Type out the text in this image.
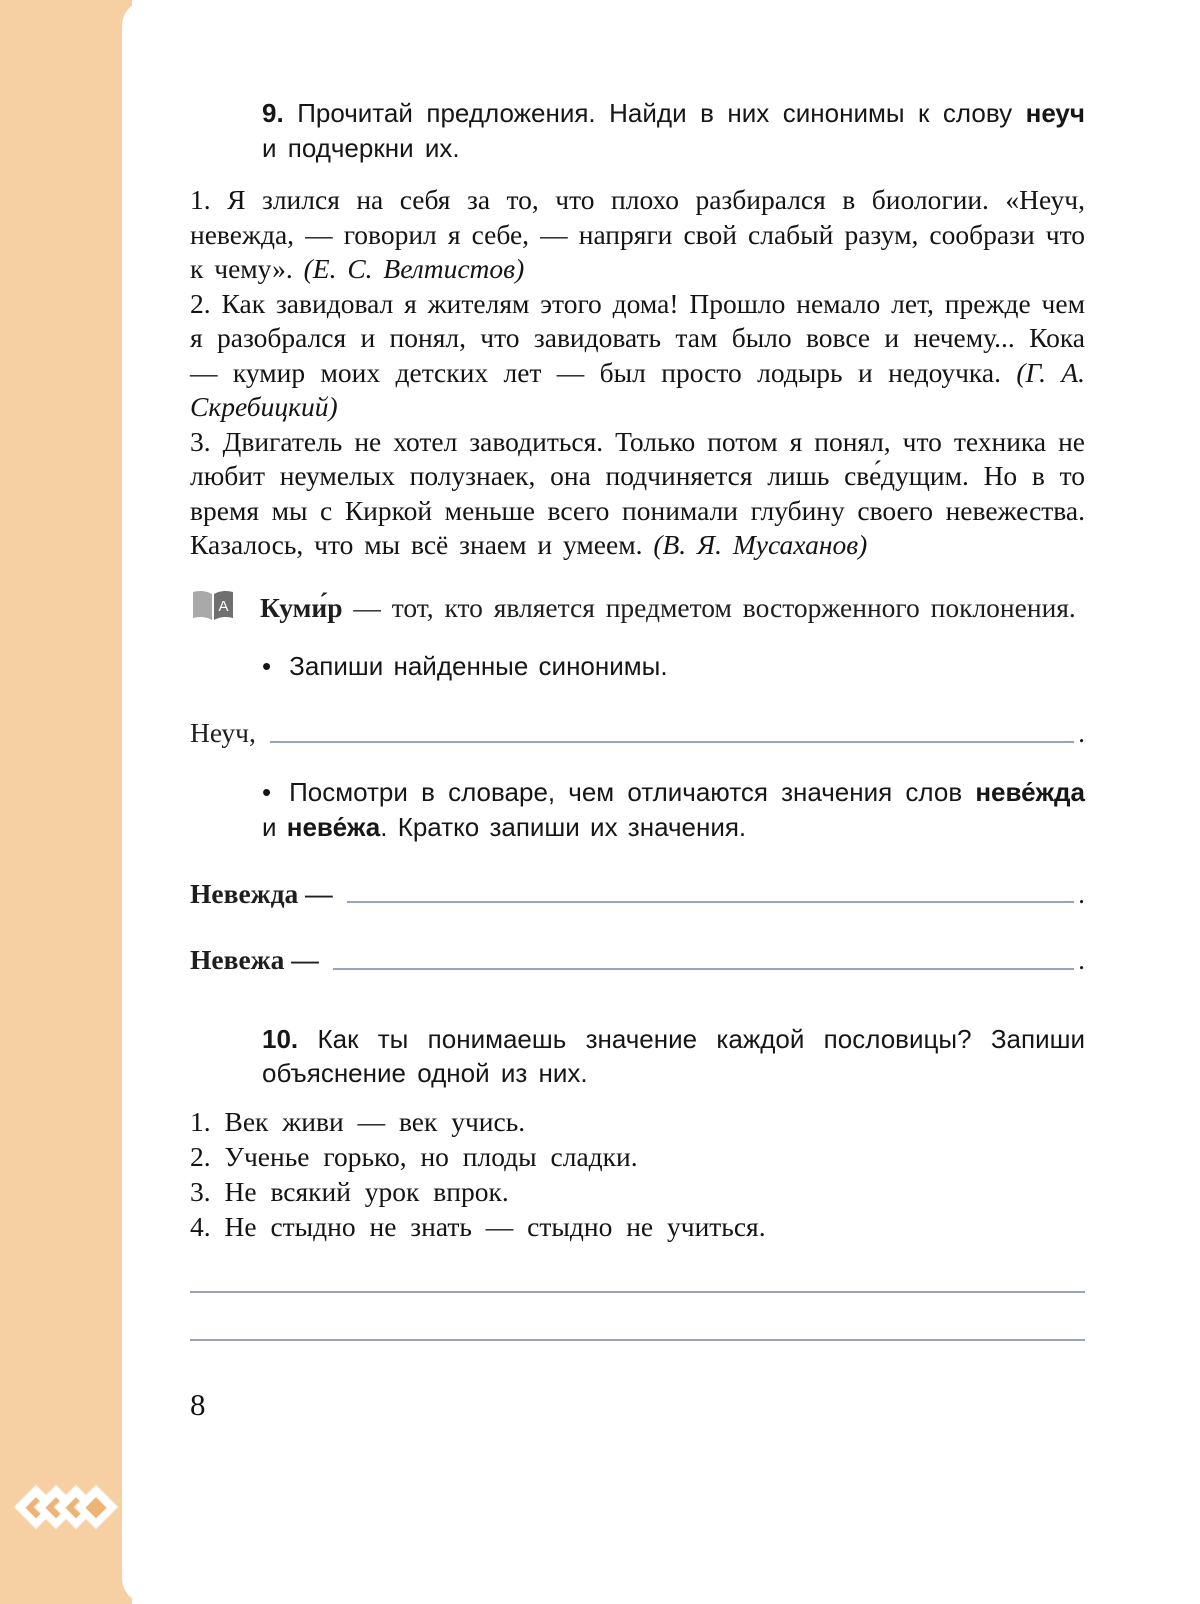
9. Прочитай предложения. Найди в них синонимы к слову неуч и подчеркни их.

1. Я злился на себя за то, что плохо разбирался в биологии. «Неуч, невежда, — говорил я себе, — напряги свой слабый разум, сообрази что к чему». (Е. С. Велтистов)

2. Как завидовал я жителям этого дома! Прошло немало лет, прежде чем я разобрался и понял, что завидовать там было вовсе и нечему... Кока — кумир моих детских лет — был просто лодырь и недоучка. (Г. А. Скребицкий)

3. Двигатель не хотел заводиться. Только потом я понял, что техника не любит неумелых полузнаек, она подчиняется лишь све́дущим. Но в то время мы с Киркой меньше всего понимали глубину своего невежества. Казалось, что мы всё знаем и умеем. (В. Я. Мусаханов)

А Куми́р — тот, кто является предметом восторженного поклонения.

• Запиши найденные синонимы.

Неуч,	.

• Посмотри в словаре, чем отличаются значения слов неве́жда и неве́жа. Кратко запиши их значения.

Невежда —	.
Невежа —	.

10. Как ты понимаешь значение каждой пословицы? Запиши объяснение одной из них.

1. Век живи — век учись.

2. Ученье горько, но плоды сладки.

3. Не всякий урок впрок.

4. Не стыдно не знать — стыдно не учиться.

8
